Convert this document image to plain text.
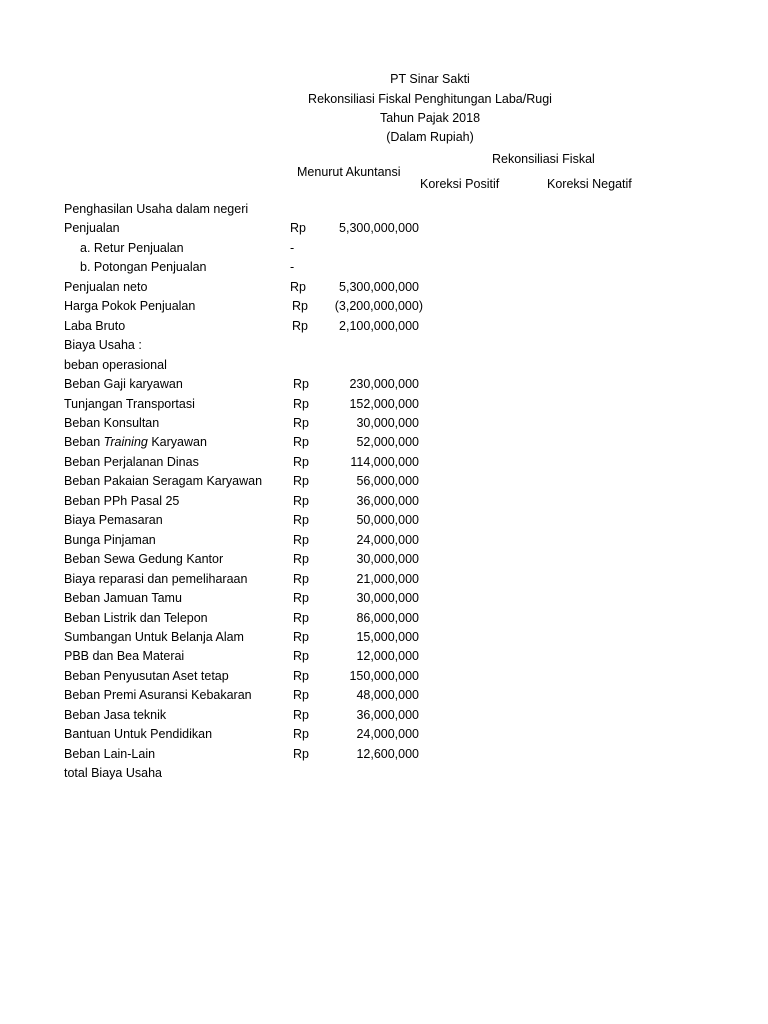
PT Sinar Sakti
Rekonsiliasi Fiskal Penghitungan Laba/Rugi
Tahun Pajak 2018
(Dalam Rupiah)
Rekonsiliasi Fiskal
Menurut Akuntansi
Koreksi Positif	Koreksi Negatif
Penghasilan Usaha dalam negeri
Penjualan	Rp	5,300,000,000
a. Retur Penjualan	-
b. Potongan Penjualan	-
Penjualan neto	Rp	5,300,000,000
Harga Pokok Penjualan	Rp	(3,200,000,000)
Laba Bruto	Rp	2,100,000,000
Biaya Usaha :
beban operasional
Beban Gaji karyawan	Rp	230,000,000
Tunjangan Transportasi	Rp	152,000,000
Beban Konsultan	Rp	30,000,000
Beban Training Karyawan	Rp	52,000,000
Beban Perjalanan Dinas	Rp	114,000,000
Beban Pakaian Seragam Karyawan Rp	56,000,000
Beban PPh Pasal 25	Rp	36,000,000
Biaya Pemasaran	Rp	50,000,000
Bunga Pinjaman	Rp	24,000,000
Beban Sewa Gedung Kantor	Rp	30,000,000
Biaya reparasi dan pemeliharaan	Rp	21,000,000
Beban Jamuan Tamu	Rp	30,000,000
Beban Listrik dan Telepon	Rp	86,000,000
Sumbangan Untuk Belanja Alam	Rp	15,000,000
PBB dan Bea Materai	Rp	12,000,000
Beban Penyusutan Aset tetap	Rp	150,000,000
Beban Premi Asuransi Kebakaran	Rp	48,000,000
Beban Jasa teknik	Rp	36,000,000
Bantuan Untuk Pendidikan	Rp	24,000,000
Beban Lain-Lain	Rp	12,600,000
total Biaya Usaha
